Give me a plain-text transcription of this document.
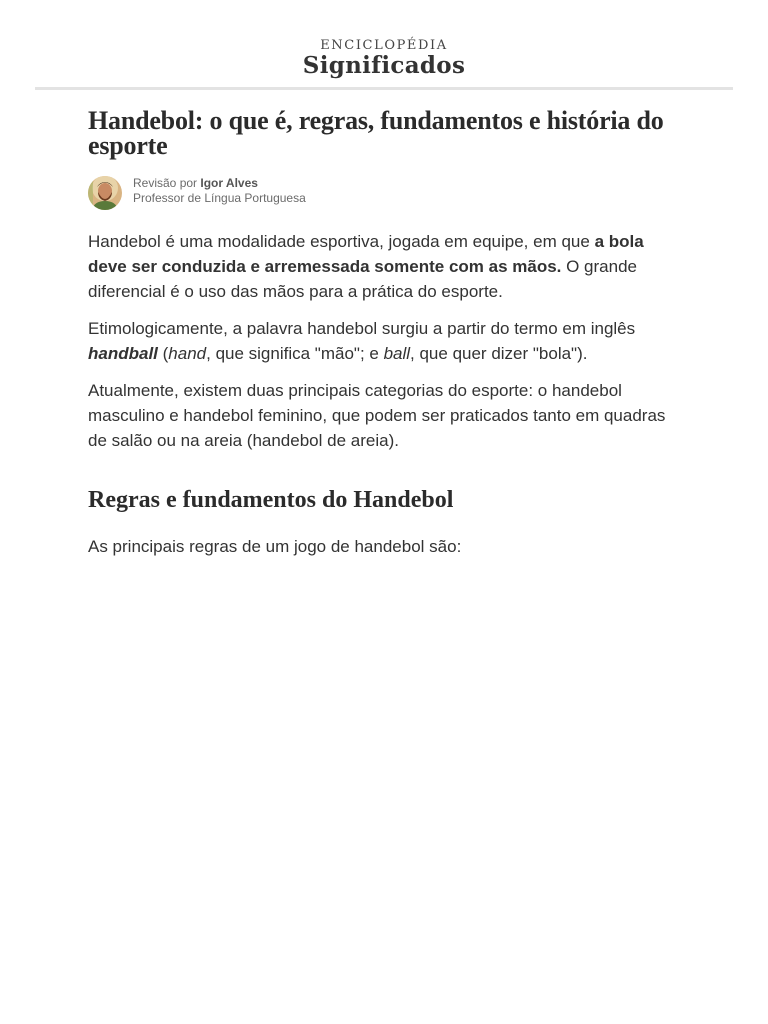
ENCICLOPÉDIA
Significados
Handebol: o que é, regras, fundamentos e história do esporte
Revisão por Igor Alves
Professor de Língua Portuguesa

Handebol é uma modalidade esportiva, jogada em equipe, em que a bola deve ser conduzida e arremessada somente com as mãos. O grande diferencial é o uso das mãos para a prática do esporte.

Etimologicamente, a palavra handebol surgiu a partir do termo em inglês handball (hand, que significa "mão"; e ball, que quer dizer "bola").

Atualmente, existem duas principais categorias do esporte: o handebol masculino e handebol feminino, que podem ser praticados tanto em quadras de salão ou na areia (handebol de areia).

Regras e fundamentos do Handebol

As principais regras de um jogo de handebol são:
